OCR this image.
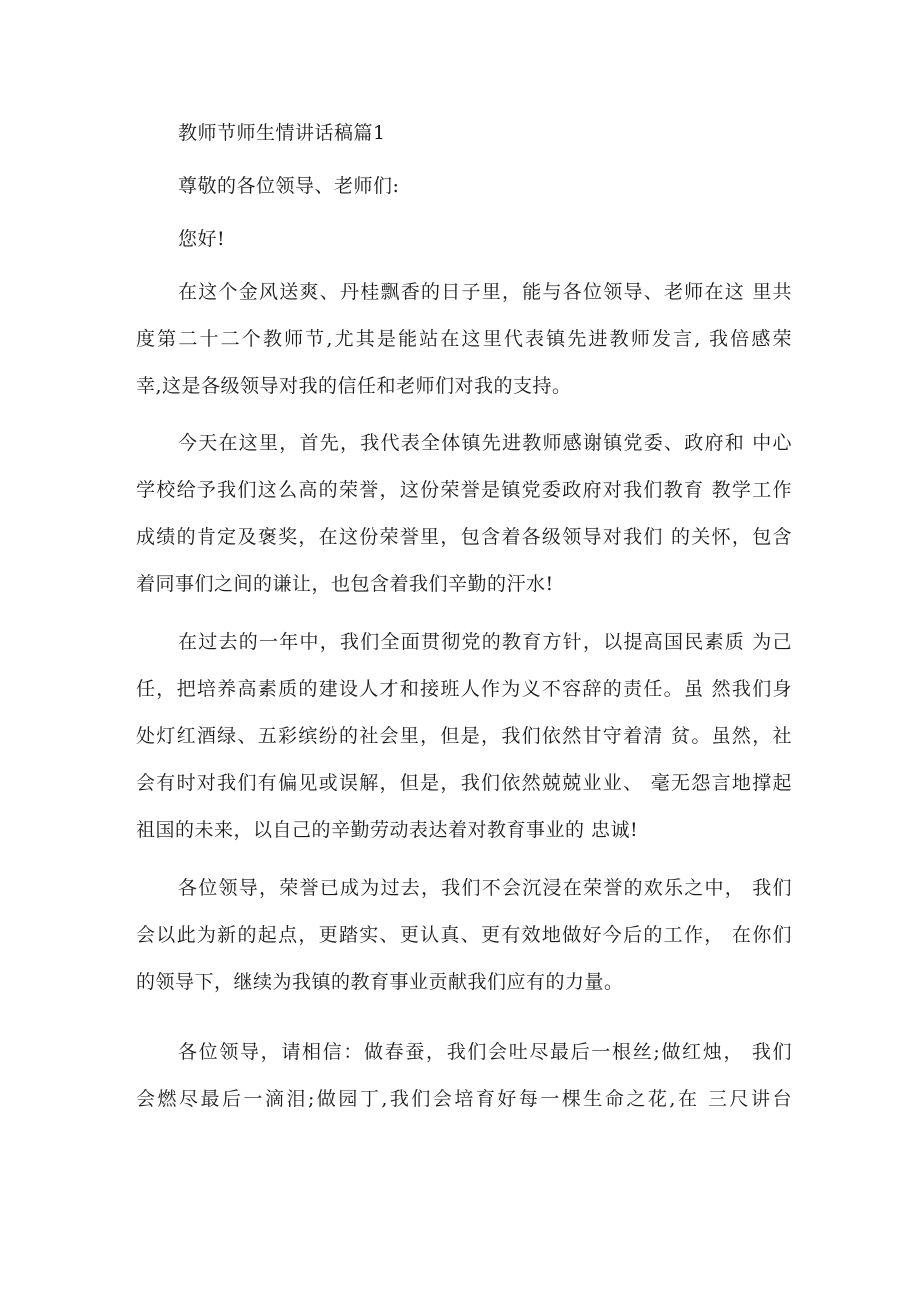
教师节师生情讲话稿篇1
尊敬的各位领导、老师们:
您好!
在这个金风送爽、丹桂飘香的日子里，能与各位领导、老师在这 里共
度第二十二个教师节,尤其是能站在这里代表镇先进教师发言, 我倍感荣
幸,这是各级领导对我的信任和老师们对我的支持。
今天在这里，首先，我代表全体镇先进教师感谢镇党委、政府和 中心
学校给予我们这么高的荣誉，这份荣誉是镇党委政府对我们教育 教学工作
成绩的肯定及褒奖，在这份荣誉里，包含着各级领导对我们 的关怀，包含
着同事们之间的谦让，也包含着我们辛勤的汗水!
在过去的一年中，我们全面贯彻党的教育方针，以提高国民素质 为己
任，把培养高素质的建设人才和接班人作为义不容辞的责任。虽 然我们身
处灯红酒绿、五彩缤纷的社会里，但是，我们依然甘守着清 贫。虽然，社
会有时对我们有偏见或误解，但是，我们依然兢兢业业、 毫无怨言地撑起
祖国的未来，以自己的辛勤劳动表达着对教育事业的 忠诚!
各位领导，荣誉已成为过去，我们不会沉浸在荣誉的欢乐之中， 我们
会以此为新的起点，更踏实、更认真、更有效地做好今后的工作， 在你们
的领导下，继续为我镇的教育事业贡献我们应有的力量。
各位领导，请相信：做春蚕，我们会吐尽最后一根丝;做红烛， 我们
会燃尽最后一滴泪;做园丁,我们会培育好每一棵生命之花,在 三尺讲台
